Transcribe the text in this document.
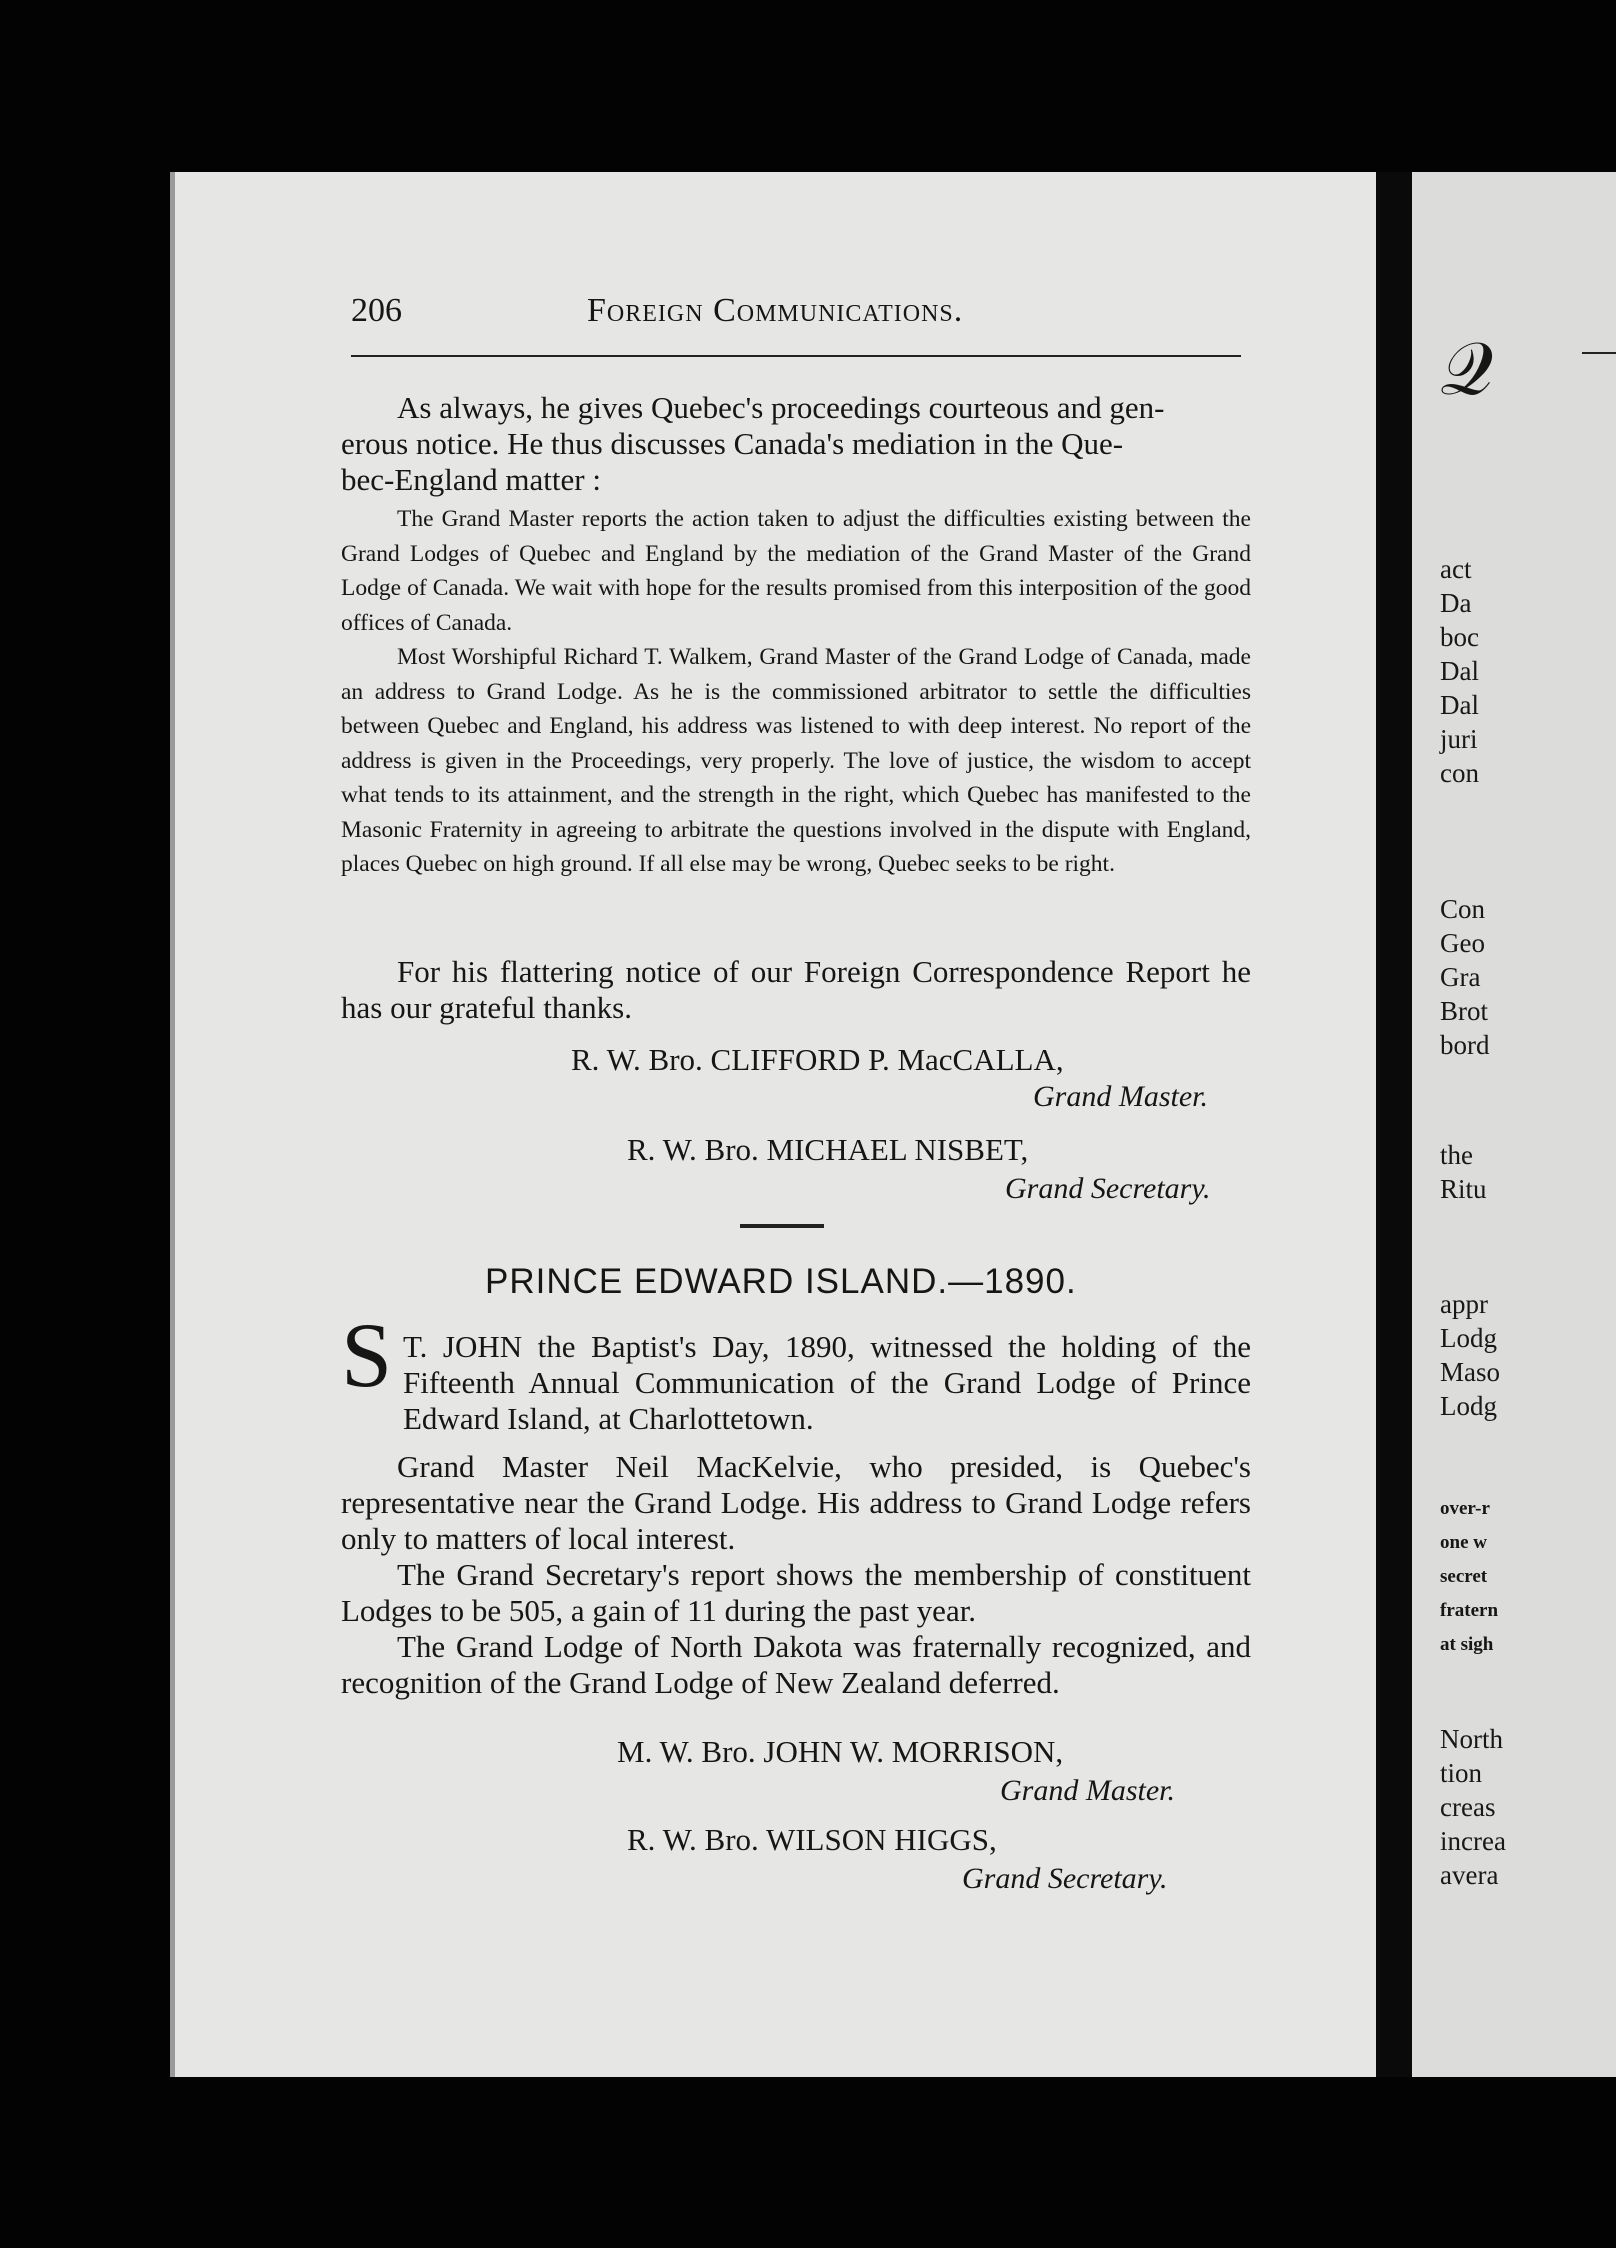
206	Foreign Communications.
As always, he gives Quebec's proceedings courteous and gen-
erous notice. He thus discusses Canada's mediation in the Que-
bec-England matter :

The Grand Master reports the action taken to adjust the difficulties existing between the Grand Lodges of Quebec and England by the mediation of the Grand Master of the Grand Lodge of Canada. We wait with hope for the results promised from this interposition of the good offices of Canada.

Most Worshipful Richard T. Walkem, Grand Master of the Grand Lodge of Canada, made an address to Grand Lodge. As he is the commissioned arbitrator to settle the difficulties between Quebec and England, his address was listened to with deep interest. No report of the address is given in the Proceedings, very properly. The love of justice, the wisdom to accept what tends to its attainment, and the strength in the right, which Quebec has manifested to the Masonic Fraternity in agreeing to arbitrate the questions involved in the dispute with England, places Quebec on high ground. If all else may be wrong, Quebec seeks to be right.

For his flattering notice of our Foreign Correspondence Report he has our grateful thanks.

R. W. Bro. CLIFFORD P. MacCALLA,
Grand Master.
R. W. Bro. MICHAEL NISBET,
Grand Secretary.
PRINCE EDWARD ISLAND.—1890.
S T. JOHN the Baptist's Day, 1890, witnessed the holding of the Fifteenth Annual Communication of the Grand Lodge of Prince Edward Island, at Charlottetown.

Grand Master Neil MacKelvie, who presided, is Quebec's representative near the Grand Lodge. His address to Grand Lodge refers only to matters of local interest.

The Grand Secretary's report shows the membership of constituent Lodges to be 505, a gain of 11 during the past year.

The Grand Lodge of North Dakota was fraternally recognized, and recognition of the Grand Lodge of New Zealand deferred.

M. W. Bro. JOHN W. MORRISON,
Grand Master.
R. W. Bro. WILSON HIGGS,
Grand Secretary.
𝒬
act
Da
boc
Dal
Dal
juri
con
Con
Geo
Gra
Brot
bord
the
Ritu
appr
Lodg
Maso
Lodg
over-r
one w
secret
fratern
at sigh
North
tion
creas
increa
avera
